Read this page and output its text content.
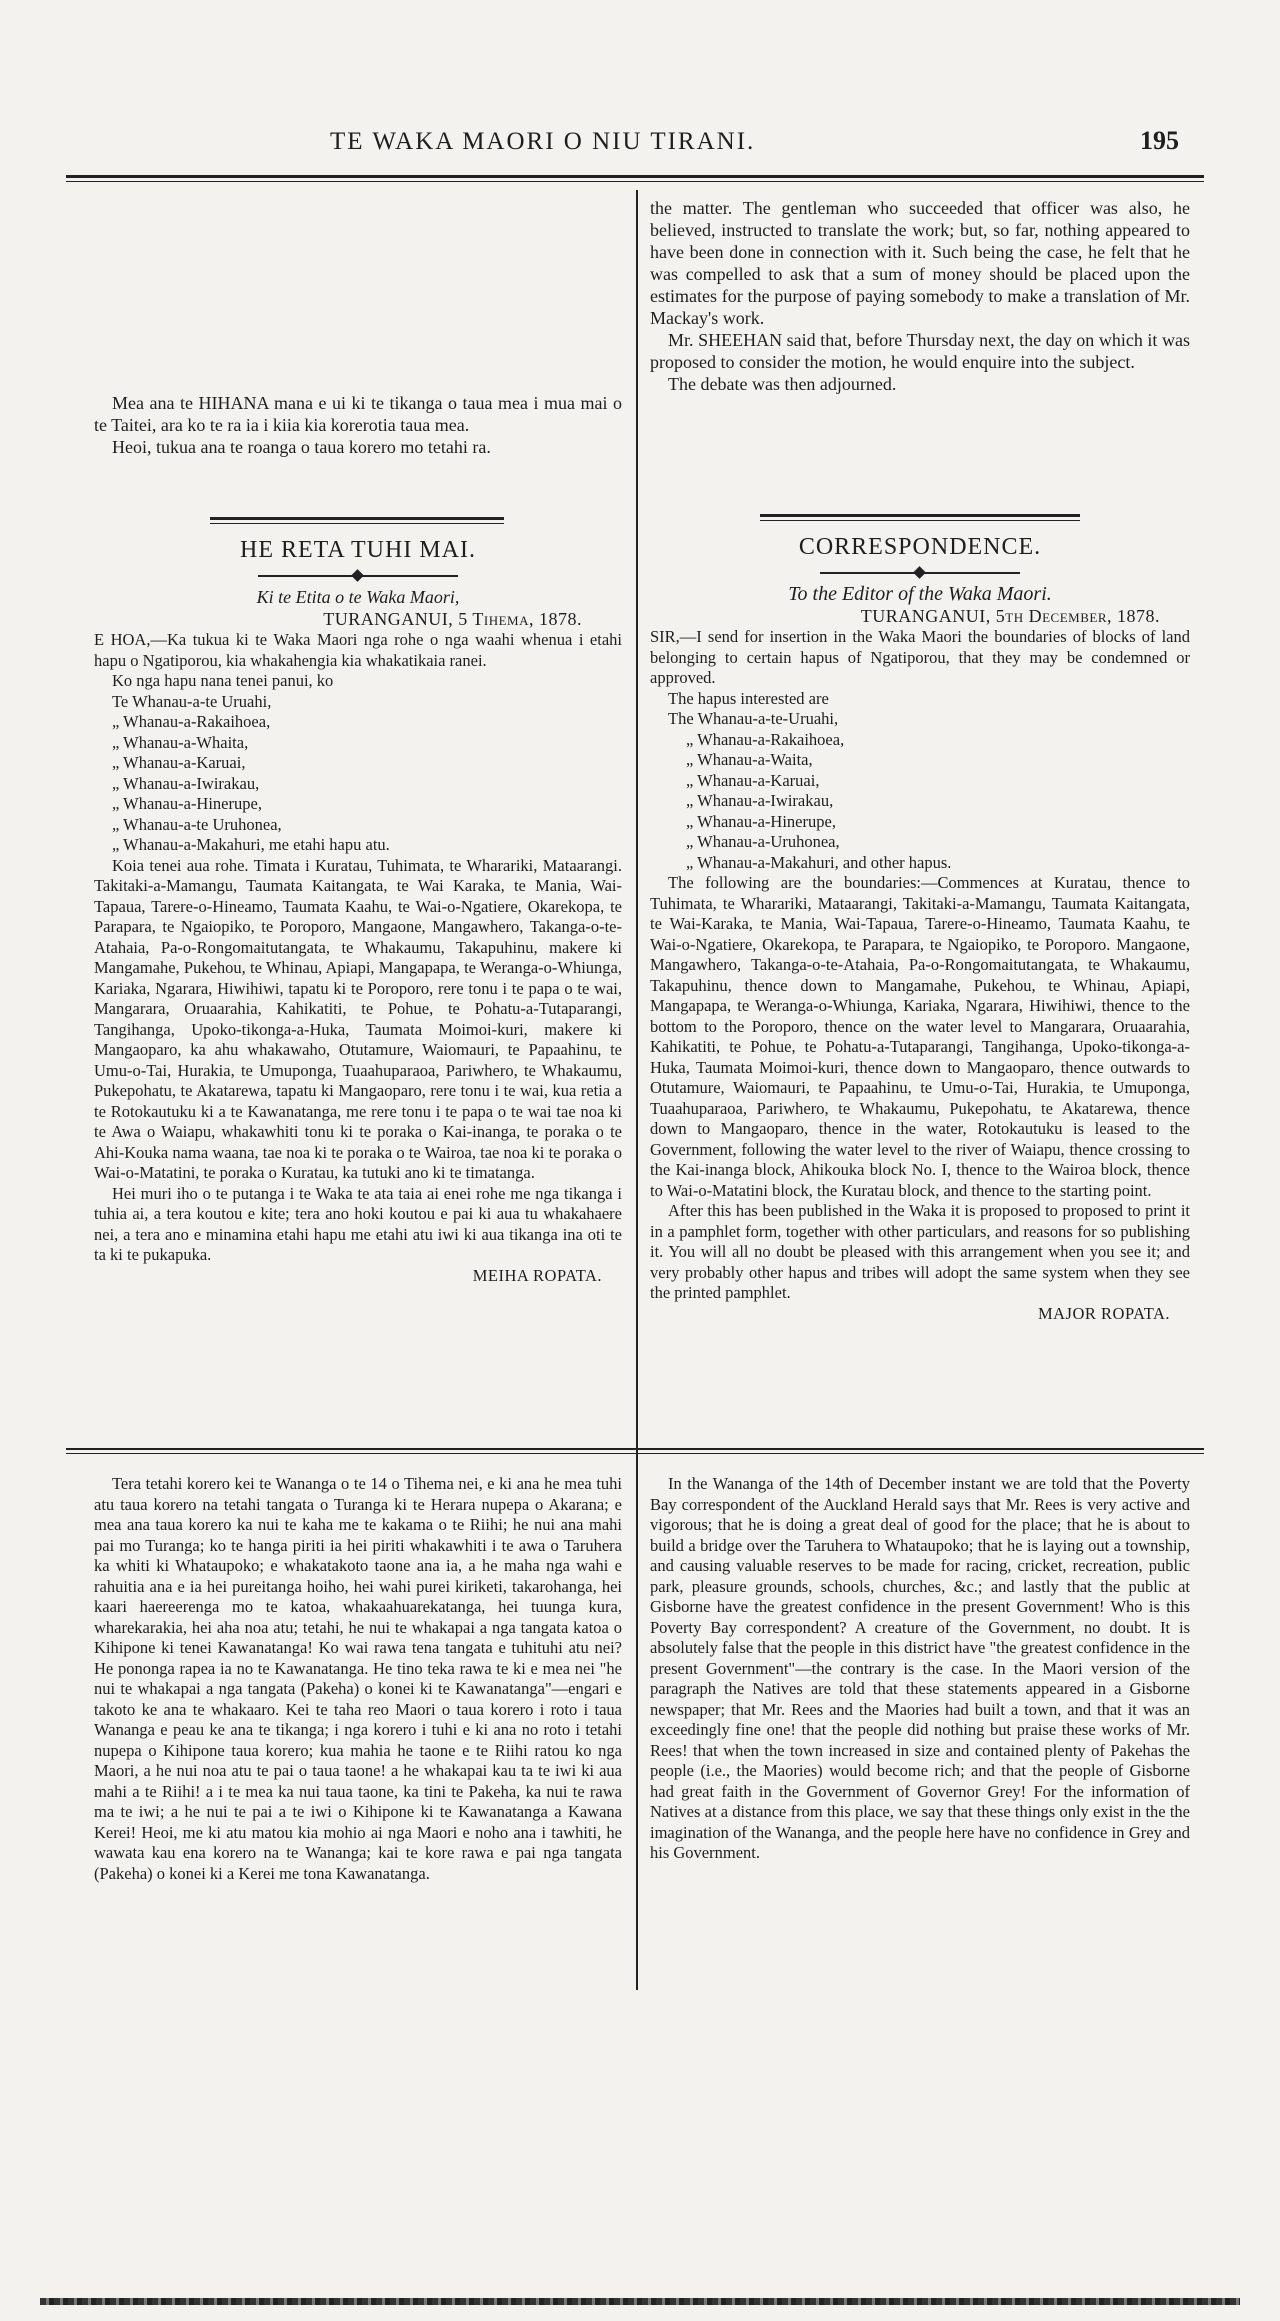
TE WAKA MAORI O NIU TIRANI.	195

Mea ana te HIHANA mana e ui ki te tikanga o taua mea i mua mai o te Taitei, ara ko te ra ia i kiia kia korerotia taua mea.

Heoi, tukua ana te roanga o taua korero mo tetahi ra.

HE RETA TUHI MAI.

Ki te Etita o te Waka Maori,

TURANGANUI, 5 Tihema, 1878.

E HOA,—Ka tukua ki te Waka Maori nga rohe o nga waahi whenua i etahi hapu o Ngatiporou, kia whakahengia kia whakatikaia ranei.

Ko nga hapu nana tenei panui, ko

Te Whanau-a-te Uruahi,

„ Whanau-a-Rakaihoea,

„ Whanau-a-Whaita,

„ Whanau-a-Karuai,

„ Whanau-a-Iwirakau,

„ Whanau-a-Hinerupe,

„ Whanau-a-te Uruhonea,

„ Whanau-a-Makahuri, me etahi hapu atu.

Koia tenei aua rohe. Timata i Kuratau, Tuhimata, te Wharariki, Mataarangi. Takitaki-a-Mamangu, Taumata Kaitangata, te Wai Karaka, te Mania, Wai-Tapaua, Tarere-o-Hineamo, Taumata Kaahu, te Wai-o-Ngatiere, Okarekopa, te Parapara, te Ngaiopiko, te Poroporo, Mangaone, Mangawhero, Takanga-o-te-Atahaia, Pa-o-Rongomaitutangata, te Whakaumu, Takapuhinu, makere ki Mangamahe, Pukehou, te Whinau, Apiapi, Mangapapa, te Weranga-o-Whiunga, Kariaka, Ngarara, Hiwihiwi, tapatu ki te Poroporo, rere tonu i te papa o te wai, Mangarara, Oruaarahia, Kahikatiti, te Pohue, te Pohatu-a-Tutaparangi, Tangihanga, Upoko-tikonga-a-Huka, Taumata Moimoi-kuri, makere ki Mangaoparo, ka ahu whakawaho, Otutamure, Waiomauri, te Papaahinu, te Umu-o-Tai, Hurakia, te Umuponga, Tuaahuparaoa, Pariwhero, te Whakaumu, Pukepohatu, te Akatarewa, tapatu ki Mangaoparo, rere tonu i te wai, kua retia a te Rotokautuku ki a te Kawanatanga, me rere tonu i te papa o te wai tae noa ki te Awa o Waiapu, whakawhiti tonu ki te poraka o Kai-inanga, te poraka o te Ahi-Kouka nama waana, tae noa ki te poraka o te Wairoa, tae noa ki te poraka o Wai-o-Matatini, te poraka o Kuratau, ka tutuki ano ki te timatanga.

Hei muri iho o te putanga i te Waka te ata taia ai enei rohe me nga tikanga i tuhia ai, a tera koutou e kite; tera ano hoki koutou e pai ki aua tu whakahaere nei, a tera ano e minamina etahi hapu me etahi atu iwi ki aua tikanga ina oti te ta ki te pukapuka.

MEIHA ROPATA.

the matter. The gentleman who succeeded that officer was also, he believed, instructed to translate the work; but, so far, nothing appeared to have been done in connection with it. Such being the case, he felt that he was compelled to ask that a sum of money should be placed upon the estimates for the purpose of paying somebody to make a translation of Mr. Mackay's work.

Mr. SHEEHAN said that, before Thursday next, the day on which it was proposed to consider the motion, he would enquire into the subject.

The debate was then adjourned.

CORRESPONDENCE.

To the Editor of the Waka Maori.

TURANGANUI, 5th December, 1878.

SIR,—I send for insertion in the Waka Maori the boundaries of blocks of land belonging to certain hapus of Ngatiporou, that they may be condemned or approved.

The hapus interested are

The Whanau-a-te-Uruahi,

„ Whanau-a-Rakaihoea,

„ Whanau-a-Waita,

„ Whanau-a-Karuai,

„ Whanau-a-Iwirakau,

„ Whanau-a-Hinerupe,

„ Whanau-a-Uruhonea,

„ Whanau-a-Makahuri, and other hapus.

The following are the boundaries:—Commences at Kuratau, thence to Tuhimata, te Wharariki, Mataarangi, Takitaki-a-Mamangu, Taumata Kaitangata, te Wai-Karaka, te Mania, Wai-Tapaua, Tarere-o-Hineamo, Taumata Kaahu, te Wai-o-Ngatiere, Okarekopa, te Parapara, te Ngaiopiko, te Poroporo. Mangaone, Mangawhero, Takanga-o-te-Atahaia, Pa-o-Rongomaitutangata, te Whakaumu, Takapuhinu, thence down to Mangamahe, Pukehou, te Whinau, Apiapi, Mangapapa, te Weranga-o-Whiunga, Kariaka, Ngarara, Hiwihiwi, thence to the bottom to the Poroporo, thence on the water level to Mangarara, Oruaarahia, Kahikatiti, te Pohue, te Pohatu-a-Tutaparangi, Tangihanga, Upoko-tikonga-a-Huka, Taumata Moimoi-kuri, thence down to Mangaoparo, thence outwards to Otutamure, Waiomauri, te Papaahinu, te Umu-o-Tai, Hurakia, te Umuponga, Tuaahuparaoa, Pariwhero, te Whakaumu, Pukepohatu, te Akatarewa, thence down to Mangaoparo, thence in the water, Rotokautuku is leased to the Government, following the water level to the river of Waiapu, thence crossing to the Kai-inanga block, Ahikouka block No. I, thence to the Wairoa block, thence to Wai-o-Matatini block, the Kuratau block, and thence to the starting point.

After this has been published in the Waka it is proposed to proposed to print it in a pamphlet form, together with other particulars, and reasons for so publishing it. You will all no doubt be pleased with this arrangement when you see it; and very probably other hapus and tribes will adopt the same system when they see the printed pamphlet.

MAJOR ROPATA.

Tera tetahi korero kei te Wananga o te 14 o Tihema nei, e ki ana he mea tuhi atu taua korero na tetahi tangata o Turanga ki te Herara nupepa o Akarana; e mea ana taua korero ka nui te kaha me te kakama o te Riihi; he nui ana mahi pai mo Turanga; ko te hanga piriti ia hei piriti whakawhiti i te awa o Taruhera ka whiti ki Whataupoko; e whakatakoto taone ana ia, a he maha nga wahi e rahuitia ana e ia hei pureitanga hoiho, hei wahi purei kiriketi, takarohanga, hei kaari haereerenga mo te katoa, whakaahuarekatanga, hei tuunga kura, wharekarakia, hei aha noa atu; tetahi, he nui te whakapai a nga tangata katoa o Kihipone ki tenei Kawanatanga! Ko wai rawa tena tangata e tuhituhi atu nei? He pononga rapea ia no te Kawanatanga. He tino teka rawa te ki e mea nei "he nui te whakapai a nga tangata (Pakeha) o konei ki te Kawanatanga"—engari e takoto ke ana te whakaaro. Kei te taha reo Maori o taua korero i roto i taua Wananga e peau ke ana te tikanga; i nga korero i tuhi e ki ana no roto i tetahi nupepa o Kihipone taua korero; kua mahia he taone e te Riihi ratou ko nga Maori, a he nui noa atu te pai o taua taone! a he whakapai kau ta te iwi ki aua mahi a te Riihi! a i te mea ka nui taua taone, ka tini te Pakeha, ka nui te rawa ma te iwi; a he nui te pai a te iwi o Kihipone ki te Kawanatanga a Kawana Kerei! Heoi, me ki atu matou kia mohio ai nga Maori e noho ana i tawhiti, he wawata kau ena korero na te Wananga; kai te kore rawa e pai nga tangata (Pakeha) o konei ki a Kerei me tona Kawanatanga.

In the Wananga of the 14th of December instant we are told that the Poverty Bay correspondent of the Auckland Herald says that Mr. Rees is very active and vigorous; that he is doing a great deal of good for the place; that he is about to build a bridge over the Taruhera to Whataupoko; that he is laying out a township, and causing valuable reserves to be made for racing, cricket, recreation, public park, pleasure grounds, schools, churches, &c.; and lastly that the public at Gisborne have the greatest confidence in the present Government! Who is this Poverty Bay correspondent? A creature of the Government, no doubt. It is absolutely false that the people in this district have "the greatest confidence in the present Government"—the contrary is the case. In the Maori version of the paragraph the Natives are told that these statements appeared in a Gisborne newspaper; that Mr. Rees and the Maories had built a town, and that it was an exceedingly fine one! that the people did nothing but praise these works of Mr. Rees! that when the town increased in size and contained plenty of Pakehas the people (i.e., the Maories) would become rich; and that the people of Gisborne had great faith in the Government of Governor Grey! For the information of Natives at a distance from this place, we say that these things only exist in the the imagination of the Wananga, and the people here have no confidence in Grey and his Government.
